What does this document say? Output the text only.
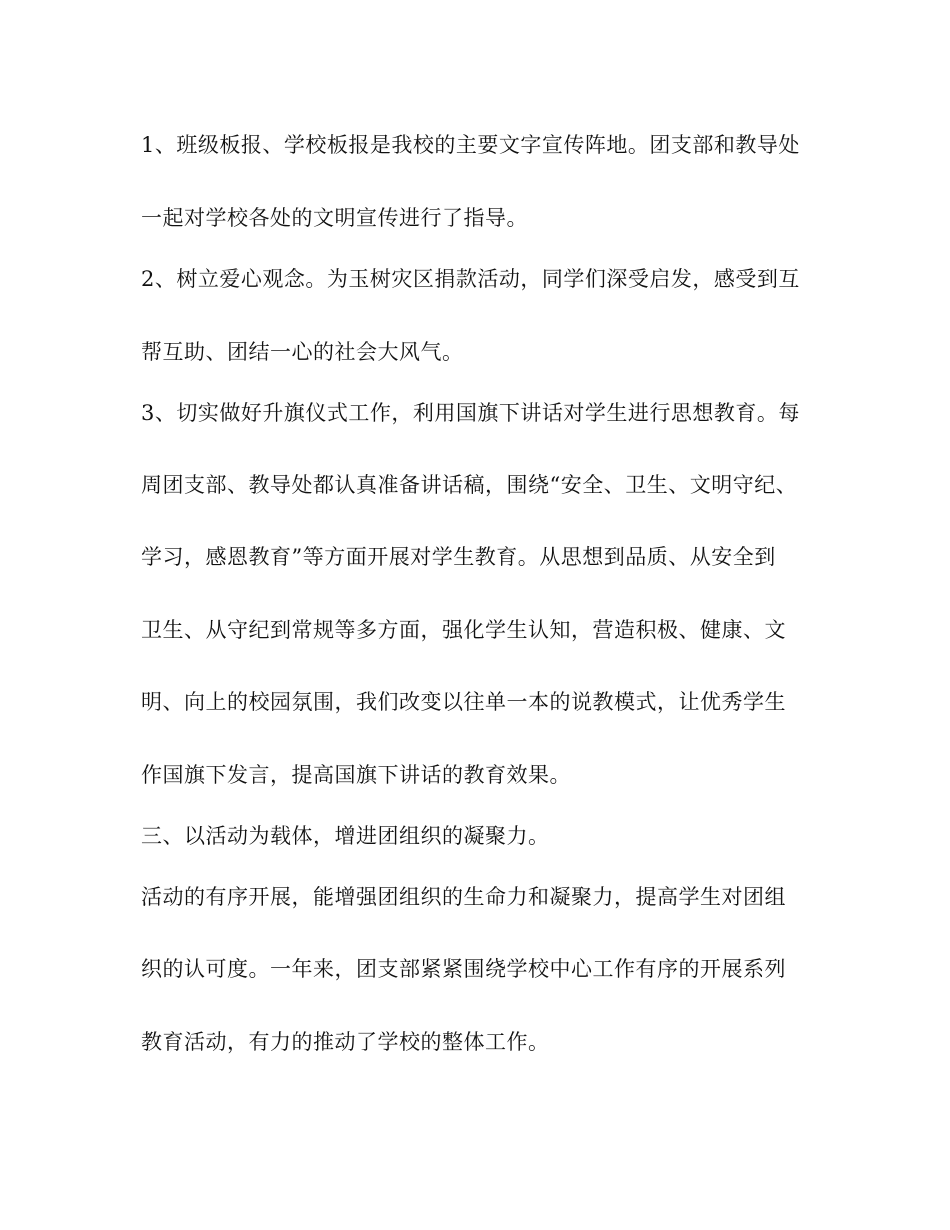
1、班级板报、学校板报是我校的主要文字宣传阵地。团支部和教导处
一起对学校各处的文明宣传进行了指导。
2、树立爱心观念。为玉树灾区捐款活动，同学们深受启发，感受到互
帮互助、团结一心的社会大风气。
3、切实做好升旗仪式工作，利用国旗下讲话对学生进行思想教育。每
周团支部、教导处都认真准备讲话稿，围绕“安全、卫生、文明守纪、
学习，感恩教育”等方面开展对学生教育。从思想到品质、从安全到
卫生、从守纪到常规等多方面，强化学生认知，营造积极、健康、文
明、向上的校园氛围，我们改变以往单一本的说教模式，让优秀学生
作国旗下发言，提高国旗下讲话的教育效果。
三、以活动为载体，增进团组织的凝聚力。
活动的有序开展，能增强团组织的生命力和凝聚力，提高学生对团组
织的认可度。一年来，团支部紧紧围绕学校中心工作有序的开展系列
教育活动，有力的推动了学校的整体工作。
